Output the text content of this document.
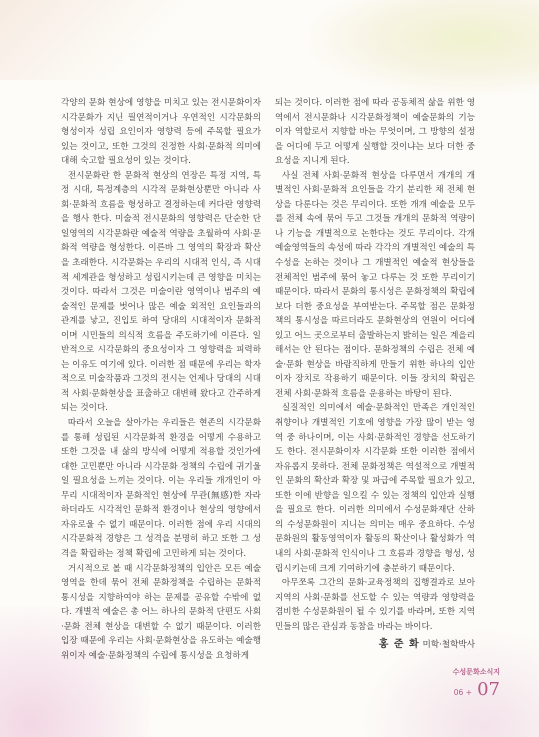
각양의 문화 현상에 영향을 미치고 있는 전시문화이자 시각문화가 지닌 필연적이거나 우연적인 시각문화의 형성이자 성립 요인이자 영향력 등에 주목할 필요가 있는 것이고, 또한 그것의 진정한 사회·문화적 의미에 대해 숙고할 필요성이 있는 것이다.

전시문화란 한 문화적 현상의 연장은 특정 지역, 특정 시대, 특정계층의 시각적 문화현상뿐만 아니라 사회·문화적 흐름을 형성하고 결정하는데 커다란 영향력을 행사 한다. 미술적 전시문화의 영향력은 단순한 단일영역의 시각문화란 예술적 역량을 초월하여 사회·문화적 역량을 형성한다. 이른바 그 영역의 확장과 확산을 초래한다. 시각문화는 우리의 시대적 인식, 즉 시대적 세계관을 형성하고 성립시키는데 큰 영향을 미치는 것이다. 따라서 그것은 미술이란 영역이나 범주의 예술적인 문제를 벗어나 많은 예술 외적인 요인들과의 관계를 낳고, 진입토 하여 당대의 시대적이자 문화적이며 시민들의 의식적 흐름을 주도하기에 이른다. 일반적으로 시각문화의 중요성이자 그 영향력을 피력하는 이유도 여기에 있다. 이러한 점 때문에 우리는 학자적으로 미술작품과 그것의 전시는 언제나 당대의 시대적 사회·문화현상을 표출하고 대변해 왔다고 간주하게 되는 것이다.

따라서 오늘을 살아가는 우리들은 현존의 시각문화를 통해 성립된 시각문화적 환경을 어떻게 수용하고 또한 그것을 내 삶의 방식에 어떻게 적용할 것인가에 대한 고민뿐만 아니라 시각문화 정책의 수립에 귀기울일 필요성을 느끼는 것이다. 이는 우리들 개개인이 아무리 시대적이자 문화적인 현상에 무관(無感)한 자라 하더라도 시각적인 문화적 환경이나 현상의 영향에서 자유로울 수 없기 때문이다. 이러한 점에 우리 시대의 시각문화적 경향은 그 성격을 분명히 하고 또한 그 성격을 확립하는 정책 확립에 고민하게 되는 것이다.

거시적으로 볼 때 시각문화정책의 입안은 모든 예술영역을 한데 묶어 전체 문화정책을 수립하는 문화적 통시성을 지향하여야 하는 문제를 공유할 수밖에 없다. 개별적 예술은 총 어느 하나의 문화적 단편도 사회·문화 전체 현상을 대변할 수 없기 때문이다. 이러한 입장 때문에 우리는 사회·문화현상을 유도하는 예술행위이자 예술·문화정책의 수립에 통시성을 요청하게

되는 것이다. 이러한 점에 따라 공동체적 삶을 위한 영역에서 전시문화나 시각문화정책이 예술문화의 기능이자 역할로서 지향할 바는 무엇이며, 그 방향의 설정을 어디에 두고 어떻게 실행할 것이냐는 보다 더한 중요성을 지니게 된다.

사실 전체 사회·문화적 현상을 다루면서 개개의 개별적인 사회·문화적 요인들을 각기 분리한 채 전체 현상을 다룬다는 것은 무리이다. 또한 개개 예술을 모두를 전체 속에 묶어 두고 그것들 개개의 문화적 역량이나 기능을 개별적으로 논한다는 것도 무리이다. 각개 예술영역들의 속성에 따라 각각의 개별적인 예술의 특수성을 논하는 것이나 그 개별적인 예술적 현상들을 전체적인 범주에 묶어 놓고 다루는 것 또한 무리이기 때문이다. 따라서 문화의 통시성은 문화정책의 확립에 보다 더한 중요성을 부여받는다. 주목할 점은 문화정책의 통시성을 따르더라도 문화현상의 연원이 어디에 있고 어느 곳으로부터 출발하는지 밝히는 일은 계을리 해서는 안 된다는 점이다. 문화정책의 수립은 전체 예술·문화 현상을 바람직하게 만들기 위한 하나의 입안이자 장치로 작용하기 때문이다. 이들 장치의 확립은 전체 사회·문화적 흐름을 운용하는 바탕이 된다.

실질적인 의미에서 예술·문화적인 만족은 개인적인 취향이나 개별적인 기호에 영향을 가장 많이 받는 영역 중 하나이며, 이는 사회·문화적인 경향을 선도하기도 한다. 전시문화이자 시각문화 또한 이러한 점에서 자유롭지 못하다. 전체 문화정책은 역설적으로 개별적인 문화의 확산과 확장 및 파급에 주목할 필요가 있고, 또한 이에 반향을 일으킬 수 있는 정책의 입안과 실행을 필요로 한다. 이러한 의미에서 수성문화재단 산하의 수성문화원이 지니는 의미는 매우 중요하다. 수성 문화원의 활동영역이자 활동의 확산이나 활성화가 역내의 사회·문화적 인식이나 그 흐름과 경향을 형성, 성립시키는데 크게 기여하기에 충분하기 때문이다.

아무쪼록 그간의 문화·교육정책의 집행결과로 보아 지역의 사회·문화를 선도할 수 있는 역량과 영향력을 겸비한 수성문화원이 될 수 있기를 바라며, 또한 지역민들의 많은 관심과 동참을 바라는 바이다.

홍 준 화 미학·철학박사
수성문화소식지
06 + 07
